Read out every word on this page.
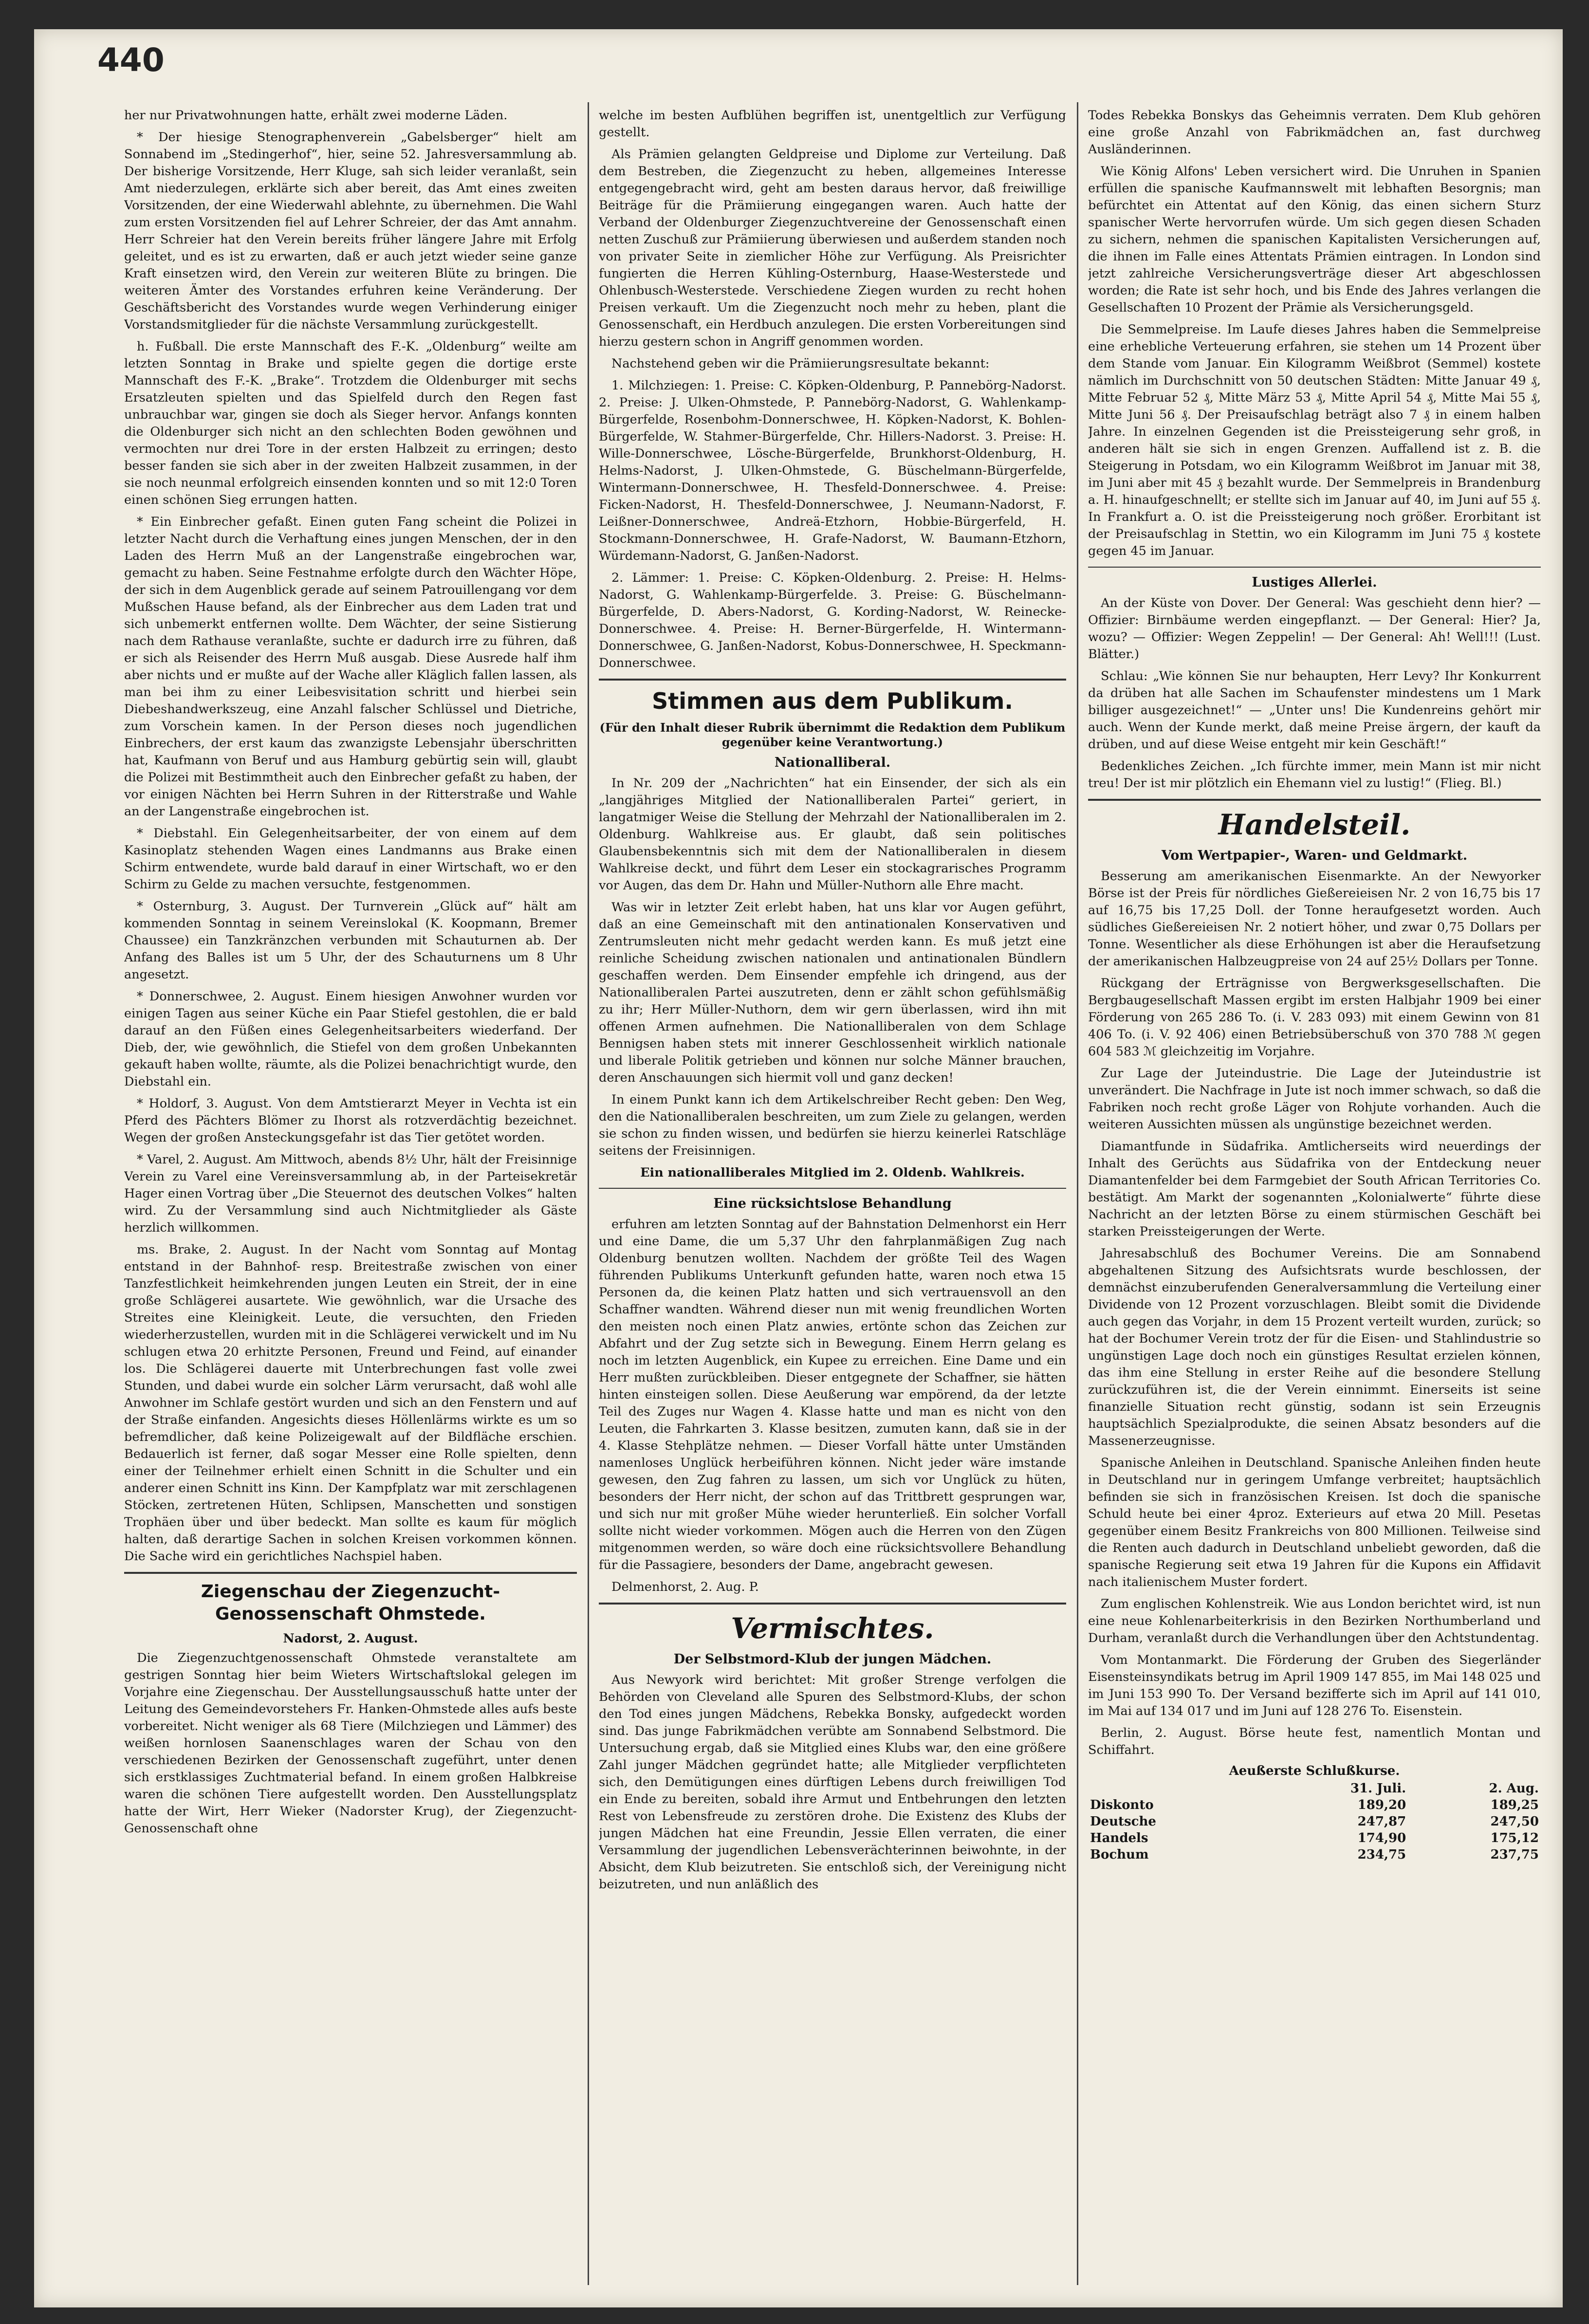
440

her nur Privatwohnungen hatte, erhält zwei moderne Läden.

* Der hiesige Stenographenverein „Gabelsberger“ hielt am Sonnabend im „Stedingerhof“, hier, seine 52. Jahresversammlung ab. Der bisherige Vorsitzende, Herr Kluge, sah sich leider veranlaßt, sein Amt niederzulegen, erklärte sich aber bereit, das Amt eines zweiten Vorsitzenden, der eine Wiederwahl ablehnte, zu übernehmen. Die Wahl zum ersten Vorsitzenden fiel auf Lehrer Schreier, der das Amt annahm. Herr Schreier hat den Verein bereits früher längere Jahre mit Erfolg geleitet, und es ist zu erwarten, daß er auch jetzt wieder seine ganze Kraft einsetzen wird, den Verein zur weiteren Blüte zu bringen. Die weiteren Ämter des Vorstandes erfuhren keine Veränderung. Der Geschäftsbericht des Vorstandes wurde wegen Verhinderung einiger Vorstandsmitglieder für die nächste Versammlung zurückgestellt.

h. Fußball. Die erste Mannschaft des F.-K. „Oldenburg“ weilte am letzten Sonntag in Brake und spielte gegen die dortige erste Mannschaft des F.-K. „Brake“. Trotzdem die Oldenburger mit sechs Ersatzleuten spielten und das Spielfeld durch den Regen fast unbrauchbar war, gingen sie doch als Sieger hervor. Anfangs konnten die Oldenburger sich nicht an den schlechten Boden gewöhnen und vermochten nur drei Tore in der ersten Halbzeit zu erringen; desto besser fanden sie sich aber in der zweiten Halbzeit zusammen, in der sie noch neunmal erfolgreich einsenden konnten und so mit 12:0 Toren einen schönen Sieg errungen hatten.

* Ein Einbrecher gefaßt. Einen guten Fang scheint die Polizei in letzter Nacht durch die Verhaftung eines jungen Menschen, der in den Laden des Herrn Muß an der Langenstraße eingebrochen war, gemacht zu haben. Seine Festnahme erfolgte durch den Wächter Höpe, der sich in dem Augenblick gerade auf seinem Patrouillengang vor dem Mußschen Hause befand, als der Einbrecher aus dem Laden trat und sich unbemerkt entfernen wollte. Dem Wächter, der seine Sistierung nach dem Rathause veranlaßte, suchte er dadurch irre zu führen, daß er sich als Reisender des Herrn Muß ausgab. Diese Ausrede half ihm aber nichts und er mußte auf der Wache aller Kläglich fallen lassen, als man bei ihm zu einer Leibesvisitation schritt und hierbei sein Diebeshandwerkszeug, eine Anzahl falscher Schlüssel und Dietriche, zum Vorschein kamen. In der Person dieses noch jugendlichen Einbrechers, der erst kaum das zwanzigste Lebensjahr überschritten hat, Kaufmann von Beruf und aus Hamburg gebürtig sein will, glaubt die Polizei mit Bestimmtheit auch den Einbrecher gefaßt zu haben, der vor einigen Nächten bei Herrn Suhren in der Ritterstraße und Wahle an der Langenstraße eingebrochen ist.

* Diebstahl. Ein Gelegenheitsarbeiter, der von einem auf dem Kasinoplatz stehenden Wagen eines Landmanns aus Brake einen Schirm entwendete, wurde bald darauf in einer Wirtschaft, wo er den Schirm zu Gelde zu machen versuchte, festgenommen.

* Osternburg, 3. August. Der Turnverein „Glück auf“ hält am kommenden Sonntag in seinem Vereinslokal (K. Koopmann, Bremer Chaussee) ein Tanzkränzchen verbunden mit Schauturnen ab. Der Anfang des Balles ist um 5 Uhr, der des Schauturnens um 8 Uhr angesetzt.

* Donnerschwee, 2. August. Einem hiesigen Anwohner wurden vor einigen Tagen aus seiner Küche ein Paar Stiefel gestohlen, die er bald darauf an den Füßen eines Gelegenheitsarbeiters wiederfand. Der Dieb, der, wie gewöhnlich, die Stiefel von dem großen Unbekannten gekauft haben wollte, räumte, als die Polizei benachrichtigt wurde, den Diebstahl ein.

* Holdorf, 3. August. Von dem Amtstierarzt Meyer in Vechta ist ein Pferd des Pächters Blömer zu Ihorst als rotzverdächtig bezeichnet. Wegen der großen Ansteckungsgefahr ist das Tier getötet worden.

* Varel, 2. August. Am Mittwoch, abends 8½ Uhr, hält der Freisinnige Verein zu Varel eine Vereinsversammlung ab, in der Parteisekretär Hager einen Vortrag über „Die Steuernot des deutschen Volkes“ halten wird. Zu der Versammlung sind auch Nichtmitglieder als Gäste herzlich willkommen.

ms. Brake, 2. August. In der Nacht vom Sonntag auf Montag entstand in der Bahnhof- resp. Breitestraße zwischen von einer Tanzfestlichkeit heimkehrenden jungen Leuten ein Streit, der in eine große Schlägerei ausartete. Wie gewöhnlich, war die Ursache des Streites eine Kleinigkeit. Leute, die versuchten, den Frieden wiederherzustellen, wurden mit in die Schlägerei verwickelt und im Nu schlugen etwa 20 erhitzte Personen, Freund und Feind, auf einander los. Die Schlägerei dauerte mit Unterbrechungen fast volle zwei Stunden, und dabei wurde ein solcher Lärm verursacht, daß wohl alle Anwohner im Schlafe gestört wurden und sich an den Fenstern und auf der Straße einfanden. Angesichts dieses Höllenlärms wirkte es um so befremdlicher, daß keine Polizeigewalt auf der Bildfläche erschien. Bedauerlich ist ferner, daß sogar Messer eine Rolle spielten, denn einer der Teilnehmer erhielt einen Schnitt in die Schulter und ein anderer einen Schnitt ins Kinn. Der Kampfplatz war mit zerschlagenen Stöcken, zertretenen Hüten, Schlipsen, Manschetten und sonstigen Trophäen über und über bedeckt. Man sollte es kaum für möglich halten, daß derartige Sachen in solchen Kreisen vorkommen können. Die Sache wird ein gerichtliches Nachspiel haben.

Ziegenschau der Ziegenzucht-Genossenschaft Ohmstede.
Nadorst, 2. August.

Die Ziegenzuchtgenossenschaft Ohmstede veranstaltete am gestrigen Sonntag hier beim Wieters Wirtschaftslokal gelegen im Vorjahre eine Ziegenschau. Der Ausstellungsausschuß hatte unter der Leitung des Gemeindevorstehers Fr. Hanken-Ohmstede alles aufs beste vorbereitet. Nicht weniger als 68 Tiere (Milchziegen und Lämmer) des weißen hornlosen Saanenschlages waren der Schau von den verschiedenen Bezirken der Genossenschaft zugeführt, unter denen sich erstklassiges Zuchtmaterial befand. In einem großen Halbkreise waren die schönen Tiere aufgestellt worden. Den Ausstellungsplatz hatte der Wirt, Herr Wieker (Nadorster Krug), der Ziegenzucht-Genossenschaft ohne

welche im besten Aufblühen begriffen ist, unentgeltlich zur Verfügung gestellt.

Als Prämien gelangten Geldpreise und Diplome zur Verteilung. Daß dem Bestreben, die Ziegenzucht zu heben, allgemeines Interesse entgegengebracht wird, geht am besten daraus hervor, daß freiwillige Beiträge für die Prämiierung eingegangen waren. Auch hatte der Verband der Oldenburger Ziegenzuchtvereine der Genossenschaft einen netten Zuschuß zur Prämiierung überwiesen und außerdem standen noch von privater Seite in ziemlicher Höhe zur Verfügung. Als Preisrichter fungierten die Herren Kühling-Osternburg, Haase-Westerstede und Ohlenbusch-Westerstede. Verschiedene Ziegen wurden zu recht hohen Preisen verkauft. Um die Ziegenzucht noch mehr zu heben, plant die Genossenschaft, ein Herdbuch anzulegen. Die ersten Vorbereitungen sind hierzu gestern schon in Angriff genommen worden.

Nachstehend geben wir die Prämiierungsresultate bekannt:

1. Milchziegen: 1. Preise: C. Köpken-Oldenburg, P. Pannebörg-Nadorst. 2. Preise: J. Ulken-Ohmstede, P. Pannebörg-Nadorst, G. Wahlenkamp-Bürgerfelde, Rosenbohm-Donnerschwee, H. Köpken-Nadorst, K. Bohlen-Bürgerfelde, W. Stahmer-Bürgerfelde, Chr. Hillers-Nadorst. 3. Preise: H. Wille-Donnerschwee, Lösche-Bürgerfelde, Brunkhorst-Oldenburg, H. Helms-Nadorst, J. Ulken-Ohmstede, G. Büschelmann-Bürgerfelde, Wintermann-Donnerschwee, H. Thesfeld-Donnerschwee. 4. Preise: Ficken-Nadorst, H. Thesfeld-Donnerschwee, J. Neumann-Nadorst, F. Leißner-Donnerschwee, Andreä-Etzhorn, Hobbie-Bürgerfeld, H. Stockmann-Donnerschwee, H. Grafe-Nadorst, W. Baumann-Etzhorn, Würdemann-Nadorst, G. Janßen-Nadorst.

2. Lämmer: 1. Preise: C. Köpken-Oldenburg. 2. Preise: H. Helms-Nadorst, G. Wahlenkamp-Bürgerfelde. 3. Preise: G. Büschelmann-Bürgerfelde, D. Abers-Nadorst, G. Kording-Nadorst, W. Reinecke-Donnerschwee. 4. Preise: H. Berner-Bürgerfelde, H. Wintermann-Donnerschwee, G. Janßen-Nadorst, Kobus-Donnerschwee, H. Speckmann-Donnerschwee.

Stimmen aus dem Publikum.
(Für den Inhalt dieser Rubrik übernimmt die Redaktion dem Publikum gegenüber keine Verantwortung.)
Nationalliberal.

In Nr. 209 der „Nachrichten“ hat ein Einsender, der sich als ein „langjähriges Mitglied der Nationalliberalen Partei“ geriert, in langatmiger Weise die Stellung der Mehrzahl der Nationalliberalen im 2. Oldenburg. Wahlkreise aus. Er glaubt, daß sein politisches Glaubensbekenntnis sich mit dem der Nationalliberalen in diesem Wahlkreise deckt, und führt dem Leser ein stockagrarisches Programm vor Augen, das dem Dr. Hahn und Müller-Nuthorn alle Ehre macht.

Was wir in letzter Zeit erlebt haben, hat uns klar vor Augen geführt, daß an eine Gemeinschaft mit den antinationalen Konservativen und Zentrumsleuten nicht mehr gedacht werden kann. Es muß jetzt eine reinliche Scheidung zwischen nationalen und antinationalen Bündlern geschaffen werden. Dem Einsender empfehle ich dringend, aus der Nationalliberalen Partei auszutreten, denn er zählt schon gefühlsmäßig zu ihr; Herr Müller-Nuthorn, dem wir gern überlassen, wird ihn mit offenen Armen aufnehmen. Die Nationalliberalen von dem Schlage Bennigsen haben stets mit innerer Geschlossenheit wirklich nationale und liberale Politik getrieben und können nur solche Männer brauchen, deren Anschauungen sich hiermit voll und ganz decken!

In einem Punkt kann ich dem Artikelschreiber Recht geben: Den Weg, den die Nationalliberalen beschreiten, um zum Ziele zu gelangen, werden sie schon zu finden wissen, und bedürfen sie hierzu keinerlei Ratschläge seitens der Freisinnigen.

Ein nationalliberales Mitglied im 2. Oldenb. Wahlkreis.
Eine rücksichtslose Behandlung

erfuhren am letzten Sonntag auf der Bahnstation Delmenhorst ein Herr und eine Dame, die um 5,37 Uhr den fahrplanmäßigen Zug nach Oldenburg benutzen wollten. Nachdem der größte Teil des Wagen führenden Publikums Unterkunft gefunden hatte, waren noch etwa 15 Personen da, die keinen Platz hatten und sich vertrauensvoll an den Schaffner wandten. Während dieser nun mit wenig freundlichen Worten den meisten noch einen Platz anwies, ertönte schon das Zeichen zur Abfahrt und der Zug setzte sich in Bewegung. Einem Herrn gelang es noch im letzten Augenblick, ein Kupee zu erreichen. Eine Dame und ein Herr mußten zurückbleiben. Dieser entgegnete der Schaffner, sie hätten hinten einsteigen sollen. Diese Aeußerung war empörend, da der letzte Teil des Zuges nur Wagen 4. Klasse hatte und man es nicht von den Leuten, die Fahrkarten 3. Klasse besitzen, zumuten kann, daß sie in der 4. Klasse Stehplätze nehmen. — Dieser Vorfall hätte unter Umständen namenloses Unglück herbeiführen können. Nicht jeder wäre imstande gewesen, den Zug fahren zu lassen, um sich vor Unglück zu hüten, besonders der Herr nicht, der schon auf das Trittbrett gesprungen war, und sich nur mit großer Mühe wieder herunterließ. Ein solcher Vorfall sollte nicht wieder vorkommen. Mögen auch die Herren von den Zügen mitgenommen werden, so wäre doch eine rücksichtsvollere Behandlung für die Passagiere, besonders der Dame, angebracht gewesen.

Delmenhorst, 2. Aug. P.

Vermischtes.
Der Selbstmord-Klub der jungen Mädchen.

Aus Newyork wird berichtet: Mit großer Strenge verfolgen die Behörden von Cleveland alle Spuren des Selbstmord-Klubs, der schon den Tod eines jungen Mädchens, Rebekka Bonsky, aufgedeckt worden sind. Das junge Fabrikmädchen verübte am Sonnabend Selbstmord. Die Untersuchung ergab, daß sie Mitglied eines Klubs war, den eine größere Zahl junger Mädchen gegründet hatte; alle Mitglieder verpflichteten sich, den Demütigungen eines dürftigen Lebens durch freiwilligen Tod ein Ende zu bereiten, sobald ihre Armut und Entbehrungen den letzten Rest von Lebensfreude zu zerstören drohe. Die Existenz des Klubs der jungen Mädchen hat eine Freundin, Jessie Ellen verraten, die einer Versammlung der jugendlichen Lebensverächterinnen beiwohnte, in der Absicht, dem Klub beizutreten. Sie entschloß sich, der Vereinigung nicht beizutreten, und nun anläßlich des

Todes Rebekka Bonskys das Geheimnis verraten. Dem Klub gehören eine große Anzahl von Fabrikmädchen an, fast durchweg Ausländerinnen.

Wie König Alfons' Leben versichert wird. Die Unruhen in Spanien erfüllen die spanische Kaufmannswelt mit lebhaften Besorgnis; man befürchtet ein Attentat auf den König, das einen sichern Sturz spanischer Werte hervorrufen würde. Um sich gegen diesen Schaden zu sichern, nehmen die spanischen Kapitalisten Versicherungen auf, die ihnen im Falle eines Attentats Prämien eintragen. In London sind jetzt zahlreiche Versicherungsverträge dieser Art abgeschlossen worden; die Rate ist sehr hoch, und bis Ende des Jahres verlangen die Gesellschaften 10 Prozent der Prämie als Versicherungsgeld.

Die Semmelpreise. Im Laufe dieses Jahres haben die Semmelpreise eine erhebliche Verteuerung erfahren, sie stehen um 14 Prozent über dem Stande vom Januar. Ein Kilogramm Weißbrot (Semmel) kostete nämlich im Durchschnitt von 50 deutschen Städten: Mitte Januar 49 ₰, Mitte Februar 52 ₰, Mitte März 53 ₰, Mitte April 54 ₰, Mitte Mai 55 ₰, Mitte Juni 56 ₰. Der Preisaufschlag beträgt also 7 ₰ in einem halben Jahre. In einzelnen Gegenden ist die Preissteigerung sehr groß, in anderen hält sie sich in engen Grenzen. Auffallend ist z. B. die Steigerung in Potsdam, wo ein Kilogramm Weißbrot im Januar mit 38, im Juni aber mit 45 ₰ bezahlt wurde. Der Semmelpreis in Brandenburg a. H. hinaufgeschnellt; er stellte sich im Januar auf 40, im Juni auf 55 ₰. In Frankfurt a. O. ist die Preissteigerung noch größer. Erorbitant ist der Preisaufschlag in Stettin, wo ein Kilogramm im Juni 75 ₰ kostete gegen 45 im Januar.

Lustiges Allerlei.

An der Küste von Dover. Der General: Was geschieht denn hier? — Offizier: Birnbäume werden eingepflanzt. — Der General: Hier? Ja, wozu? — Offizier: Wegen Zeppelin! — Der General: Ah! Well!!! (Lust. Blätter.)

Schlau: „Wie können Sie nur behaupten, Herr Levy? Ihr Konkurrent da drüben hat alle Sachen im Schaufenster mindestens um 1 Mark billiger ausgezeichnet!“ — „Unter uns! Die Kundenreins gehört mir auch. Wenn der Kunde merkt, daß meine Preise ärgern, der kauft da drüben, und auf diese Weise entgeht mir kein Geschäft!“

Bedenkliches Zeichen. „Ich fürchte immer, mein Mann ist mir nicht treu! Der ist mir plötzlich ein Ehemann viel zu lustig!“ (Flieg. Bl.)

Handelsteil.
Vom Wertpapier-, Waren- und Geldmarkt.

Besserung am amerikanischen Eisenmarkte. An der Newyorker Börse ist der Preis für nördliches Gießereieisen Nr. 2 von 16,75 bis 17 auf 16,75 bis 17,25 Doll. der Tonne heraufgesetzt worden. Auch südliches Gießereieisen Nr. 2 notiert höher, und zwar 0,75 Dollars per Tonne. Wesentlicher als diese Erhöhungen ist aber die Heraufsetzung der amerikanischen Halbzeugpreise von 24 auf 25½ Dollars per Tonne.

Rückgang der Erträgnisse von Bergwerksgesellschaften. Die Bergbaugesellschaft Massen ergibt im ersten Halbjahr 1909 bei einer Förderung von 265 286 To. (i. V. 283 093) mit einem Gewinn von 81 406 To. (i. V. 92 406) einen Betriebsüberschuß von 370 788 ℳ gegen 604 583 ℳ gleichzeitig im Vorjahre.

Zur Lage der Juteindustrie. Die Lage der Juteindustrie ist unverändert. Die Nachfrage in Jute ist noch immer schwach, so daß die Fabriken noch recht große Läger von Rohjute vorhanden. Auch die weiteren Aussichten müssen als ungünstige bezeichnet werden.

Diamantfunde in Südafrika. Amtlicherseits wird neuerdings der Inhalt des Gerüchts aus Südafrika von der Entdeckung neuer Diamantenfelder bei dem Farmgebiet der South African Territories Co. bestätigt. Am Markt der sogenannten „Kolonialwerte“ führte diese Nachricht an der letzten Börse zu einem stürmischen Geschäft bei starken Preissteigerungen der Werte.

Jahresabschluß des Bochumer Vereins. Die am Sonnabend abgehaltenen Sitzung des Aufsichtsrats wurde beschlossen, der demnächst einzuberufenden Generalversammlung die Verteilung einer Dividende von 12 Prozent vorzuschlagen. Bleibt somit die Dividende auch gegen das Vorjahr, in dem 15 Prozent verteilt wurden, zurück; so hat der Bochumer Verein trotz der für die Eisen- und Stahlindustrie so ungünstigen Lage doch noch ein günstiges Resultat erzielen können, das ihm eine Stellung in erster Reihe auf die besondere Stellung zurückzuführen ist, die der Verein einnimmt. Einerseits ist seine finanzielle Situation recht günstig, sodann ist sein Erzeugnis hauptsächlich Spezialprodukte, die seinen Absatz besonders auf die Massenerzeugnisse.

Spanische Anleihen in Deutschland. Spanische Anleihen finden heute in Deutschland nur in geringem Umfange verbreitet; hauptsächlich befinden sie sich in französischen Kreisen. Ist doch die spanische Schuld heute bei einer 4proz. Exterieurs auf etwa 20 Mill. Pesetas gegenüber einem Besitz Frankreichs von 800 Millionen. Teilweise sind die Renten auch dadurch in Deutschland unbeliebt geworden, daß die spanische Regierung seit etwa 19 Jahren für die Kupons ein Affidavit nach italienischem Muster fordert.

Zum englischen Kohlenstreik. Wie aus London berichtet wird, ist nun eine neue Kohlenarbeiterkrisis in den Bezirken Northumberland und Durham, veranlaßt durch die Verhandlungen über den Achtstundentag.

Vom Montanmarkt. Die Förderung der Gruben des Siegerländer Eisensteinsyndikats betrug im April 1909 147 855, im Mai 148 025 und im Juni 153 990 To. Der Versand bezifferte sich im April auf 141 010, im Mai auf 134 017 und im Juni auf 128 276 To. Eisenstein.

Berlin, 2. August. Börse heute fest, namentlich Montan und Schiffahrt.

Aeußerste Schlußkurse.
	31. Juli.	2. Aug.
Diskonto	189,20	189,25
Deutsche	247,87	247,50
Handels	174,90	175,12
Bochum	234,75	237,75
